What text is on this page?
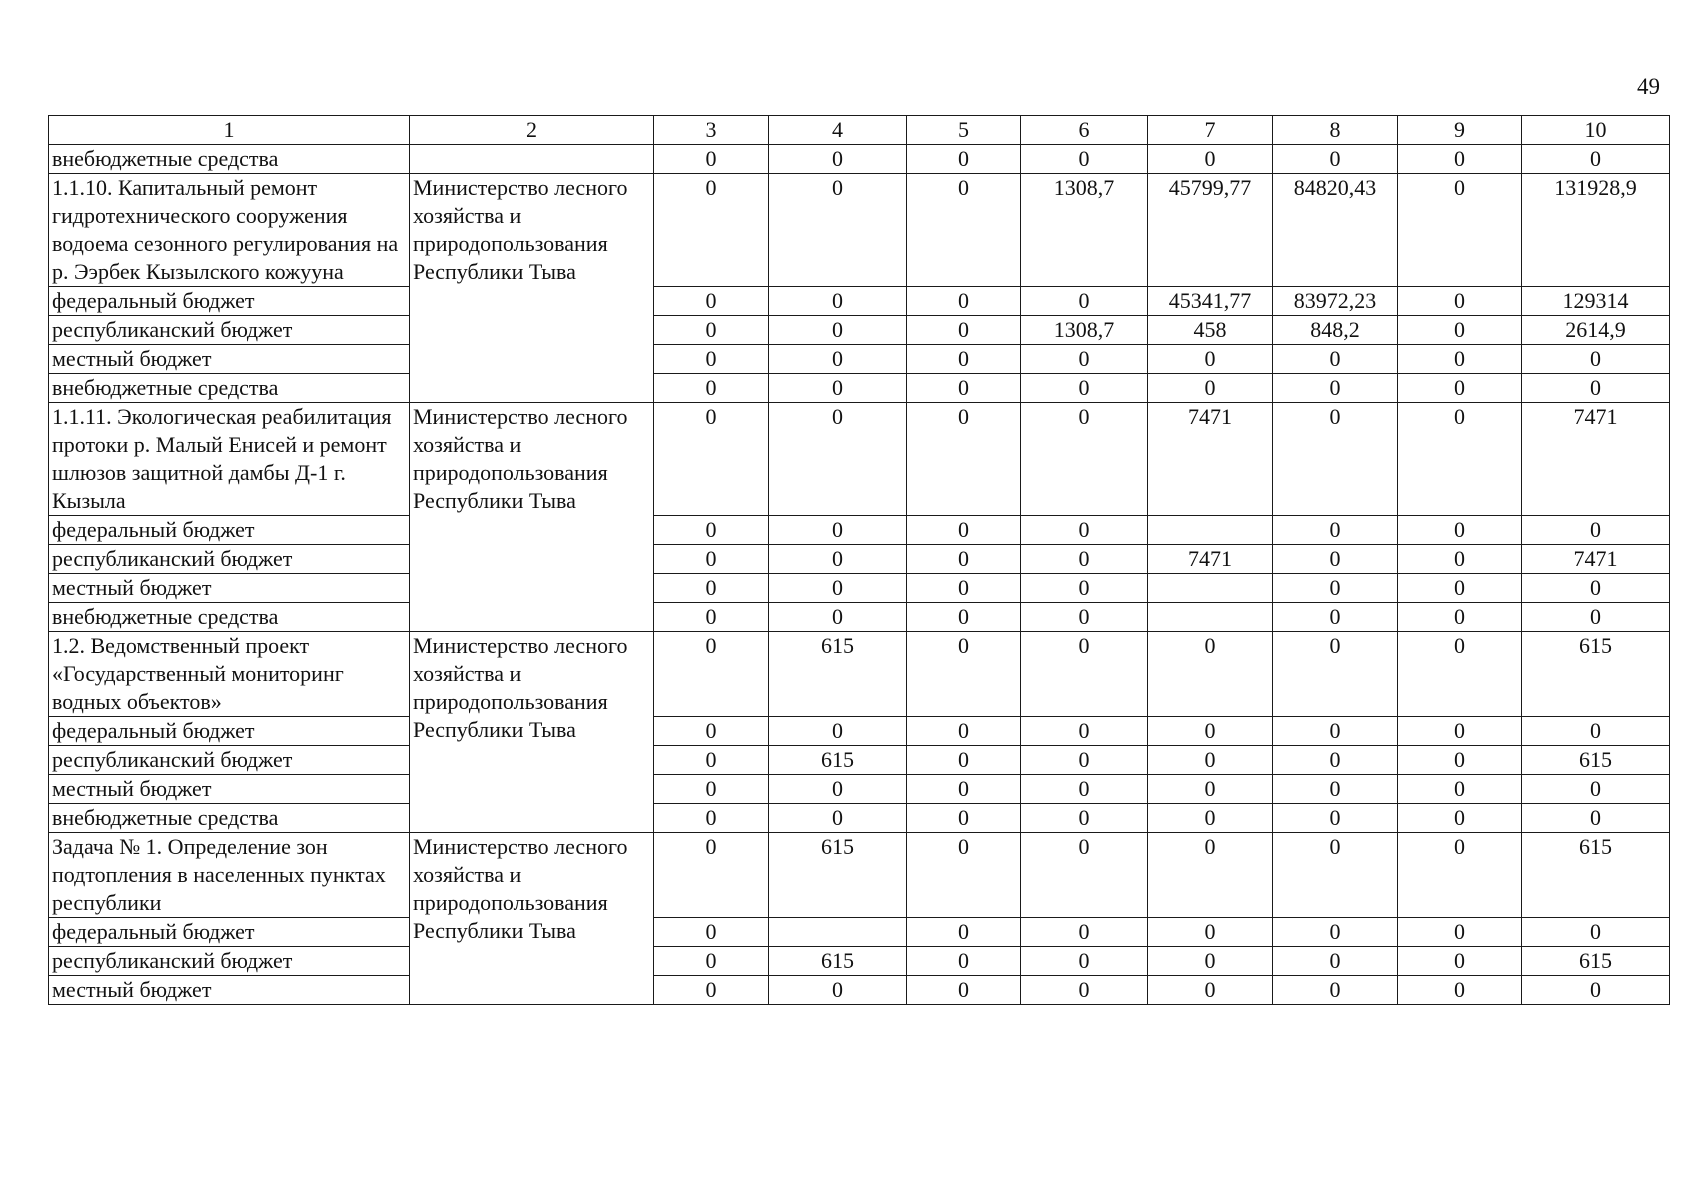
49
1	2	3	4	5	6	7	8	9	10
внебюджетные средства		0	0	0	0	0	0	0	0
1.1.10. Капитальный ремонт гидротехнического сооружения водоема сезонного регулирования на р. Ээрбек Кызылского кожууна	Министерство лесного хозяйства и природопользования Республики Тыва	0	0	0	1308,7	45799,77	84820,43	0	131928,9
федеральный бюджет		0	0	0	0	45341,77	83972,23	0	129314
республиканский бюджет		0	0	0	1308,7	458	848,2	0	2614,9
местный бюджет		0	0	0	0	0	0	0	0
внебюджетные средства		0	0	0	0	0	0	0	0
1.1.11. Экологическая реабилитация протоки р. Малый Енисей и ремонт шлюзов защитной дамбы Д-1 г. Кызыла	Министерство лесного хозяйства и природопользования Республики Тыва	0	0	0	0	7471	0	0	7471
федеральный бюджет		0	0	0	0		0	0	0
республиканский бюджет		0	0	0	0	7471	0	0	7471
местный бюджет		0	0	0	0		0	0	0
внебюджетные средства		0	0	0	0		0	0	0
1.2. Ведомственный проект «Государственный мониторинг водных объектов»	Министерство лесного хозяйства и природопользования Республики Тыва	0	615	0	0	0	0	0	615
федеральный бюджет		0	0	0	0	0	0	0	0
республиканский бюджет		0	615	0	0	0	0	0	615
местный бюджет		0	0	0	0	0	0	0	0
внебюджетные средства		0	0	0	0	0	0	0	0
Задача № 1. Определение зон подтопления в населенных пунктах республики	Министерство лесного хозяйства и природопользования Республики Тыва	0	615	0	0	0	0	0	615
федеральный бюджет		0		0	0	0	0	0	0
республиканский бюджет		0	615	0	0	0	0	0	615
местный бюджет		0	0	0	0	0	0	0	0
